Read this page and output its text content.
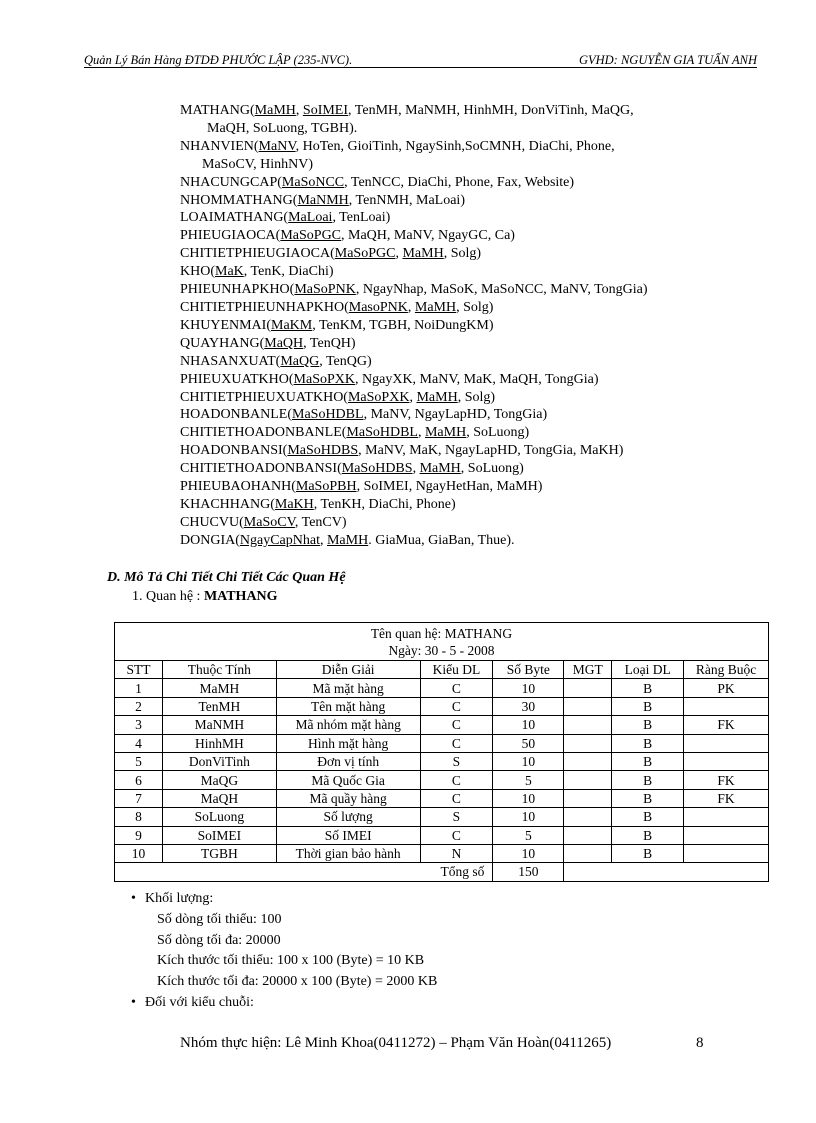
Quản Lý Bán Hàng ĐTDĐ PHƯỚC LẬP (235-NVC).	GVHD: NGUYỄN GIA TUẤN ANH
MATHANG(MaMH, SoIMEI, TenMH, MaNMH, HinhMH, DonViTinh, MaQG,
MaQH, SoLuong, TGBH).
NHANVIEN(MaNV, HoTen, GioiTinh, NgaySinh,SoCMNH, DiaChi, Phone,
MaSoCV, HinhNV)
NHACUNGCAP(MaSoNCC, TenNCC, DiaChi, Phone, Fax, Website)
NHOMMATHANG(MaNMH, TenNMH, MaLoai)
LOAIMATHANG(MaLoai, TenLoai)
PHIEUGIAOCA(MaSoPGC, MaQH, MaNV, NgayGC, Ca)
CHITIETPHIEUGIAOCA(MaSoPGC, MaMH, Solg)
KHO(MaK, TenK, DiaChi)
PHIEUNHAPKHO(MaSoPNK, NgayNhap, MaSoK, MaSoNCC, MaNV, TongGia)
CHITIETPHIEUNHAPKHO(MasoPNK, MaMH, Solg)
KHUYENMAI(MaKM, TenKM, TGBH, NoiDungKM)
QUAYHANG(MaQH, TenQH)
NHASANXUAT(MaQG, TenQG)
PHIEUXUATKHO(MaSoPXK, NgayXK, MaNV, MaK, MaQH, TongGia)
CHITIETPHIEUXUATKHO(MaSoPXK, MaMH, Solg)
HOADONBANLE(MaSoHDBL, MaNV, NgayLapHD, TongGia)
CHITIETHOADONBANLE(MaSoHDBL, MaMH, SoLuong)
HOADONBANSI(MaSoHDBS, MaNV, MaK, NgayLapHD, TongGia, MaKH)
CHITIETHOADONBANSI(MaSoHDBS, MaMH, SoLuong)
PHIEUBAOHANH(MaSoPBH, SoIMEI, NgayHetHan, MaMH)
KHACHHANG(MaKH, TenKH, DiaChi, Phone)
CHUCVU(MaSoCV, TenCV)
DONGIA(NgayCapNhat, MaMH. GiaMua, GiaBan, Thue).
D. Mô Tả Chi Tiết Chi Tiết Các Quan Hệ
1. Quan hệ : MATHANG
Tên quan hệ: MATHANG
Ngày: 30 - 5 - 2008							

STT	Thuộc Tính	Diễn Giải	Kiểu DL	Số Byte	MGT	Loại DL	Ràng Buộc
1	MaMH	Mã mặt hàng	C	10		B	PK
2	TenMH	Tên mặt hàng	C	30		B	
3	MaNMH	Mã nhóm mặt hàng	C	10		B	FK
4	HinhMH	Hình mặt hàng	C	50		B	
5	DonViTinh	Đơn vị tính	S	10		B	
6	MaQG	Mã Quốc Gia	C	5		B	FK
7	MaQH	Mã quầy hàng	C	10		B	FK
8	SoLuong	Số lượng	S	10		B	
9	SoIMEI	Số IMEI	C	5		B	
10	TGBH	Thời gian bảo hành	N	10		B	
Tổng số				150			
• Khối lượng:
Số dòng tối thiểu: 100
Số dòng tối đa: 20000
Kích thước tối thiểu: 100 x 100 (Byte) = 10 KB
Kích thước tối đa: 20000 x 100 (Byte) = 2000 KB
• Đối với kiểu chuỗi:
Nhóm thực hiện: Lê Minh Khoa(0411272) – Phạm Văn Hoàn(0411265)	8
